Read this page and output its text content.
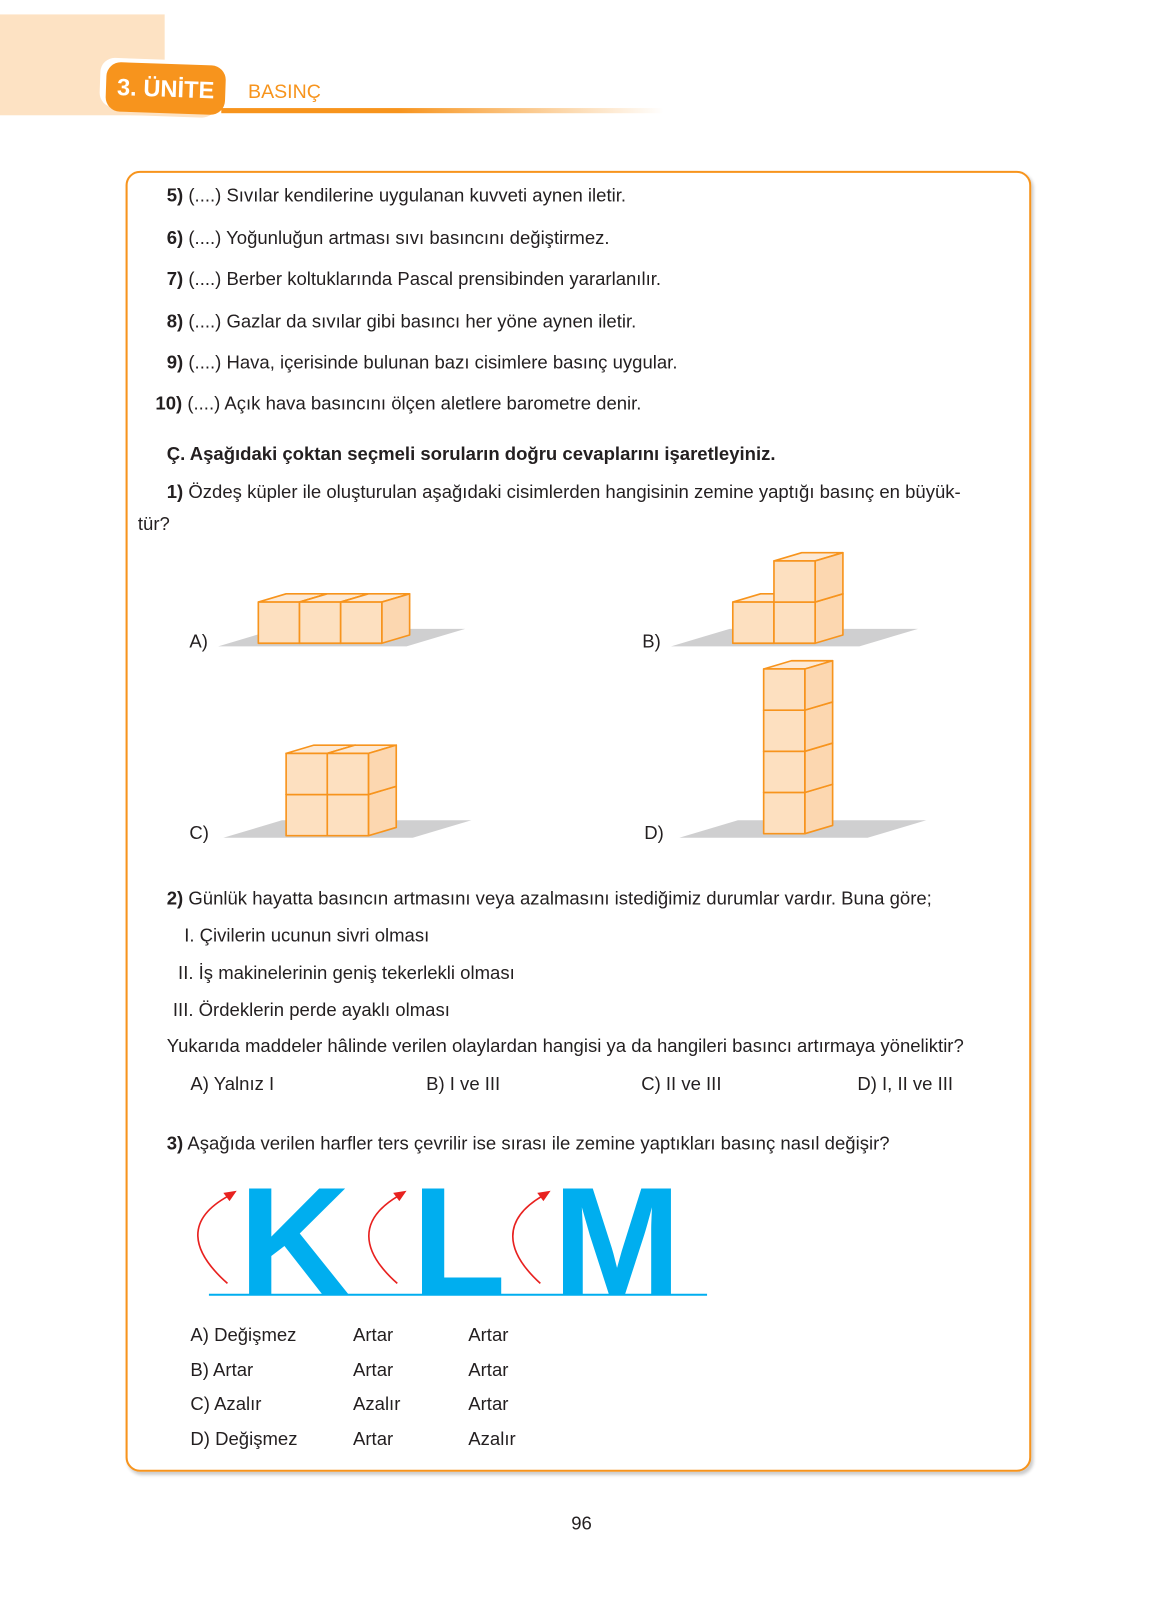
3. ÜNİTE	BASINÇ
5) (....) Sıvılar kendilerine uygulanan kuvveti aynen iletir.
6) (....) Yoğunluğun artması sıvı basıncını değiştirmez.
7) (....) Berber koltuklarında Pascal prensibinden yararlanılır.
8) (....) Gazlar da sıvılar gibi basıncı her yöne aynen iletir.
9) (....) Hava, içerisinde bulunan bazı cisimlere basınç uygular.
10) (....) Açık hava basıncını ölçen aletlere barometre denir.
Ç. Aşağıdaki çoktan seçmeli soruların doğru cevaplarını işaretleyiniz.
1) Özdeş küpler ile oluşturulan aşağıdaki cisimlerden hangisinin zemine yaptığı basınç en büyük-
tür?
A)	B)
C)	D)
2) Günlük hayatta basıncın artmasını veya azalmasını istediğimiz durumlar vardır. Buna göre;
I. Çivilerin ucunun sivri olması
II. İş makinelerinin geniş tekerlekli olması
III. Ördeklerin perde ayaklı olması
Yukarıda maddeler hâlinde verilen olaylardan hangisi ya da hangileri basıncı artırmaya yöneliktir?
A) Yalnız I	B) I ve III	C) II ve III	D) I, II ve III
3) Aşağıda verilen harfler ters çevrilir ise sırası ile zemine yaptıkları basınç nasıl değişir?
K L M
A) Değişmez	Artar	Artar
B) Artar	Artar	Artar
C) Azalır	Azalır	Artar
D) Değişmez	Artar	Azalır
96
